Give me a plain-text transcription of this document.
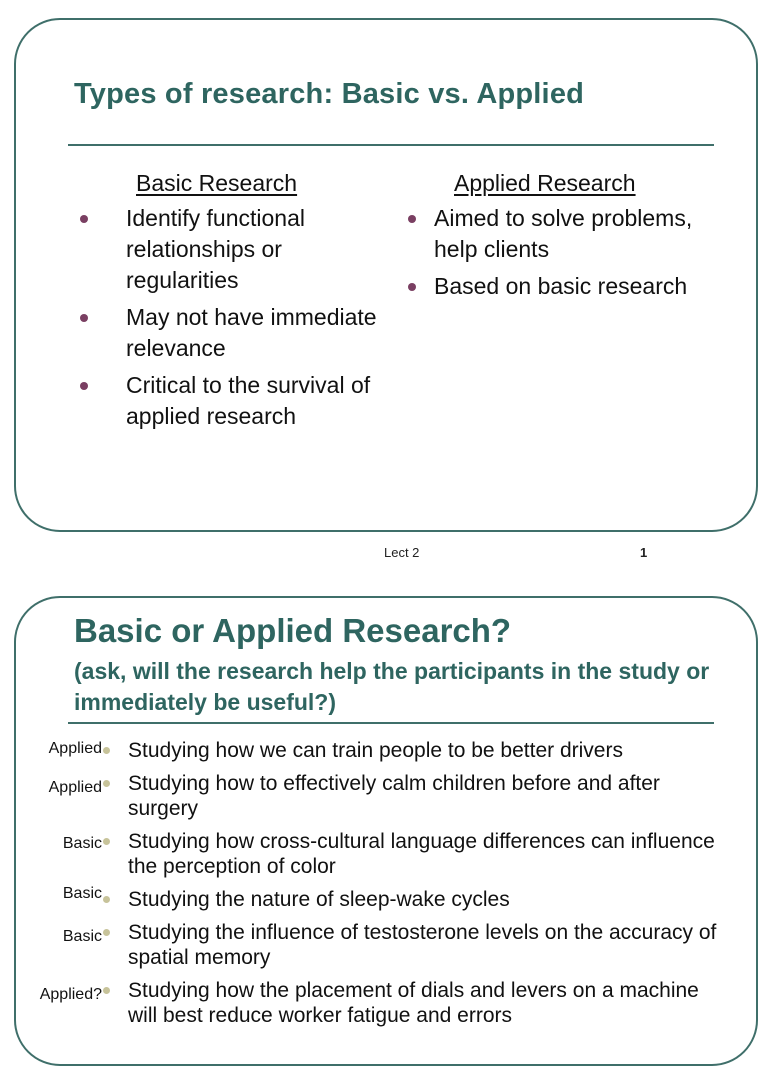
Types of research: Basic vs. Applied
Basic Research
Identify functional relationships or regularities
May not have immediate relevance
Critical to the survival of applied research
Applied Research
Aimed to solve problems, help clients
Based on basic research
Lect 2	1
Basic or Applied Research?
(ask, will the research help the participants in the study or immediately be useful?)
Applied Studying how we can train people to be better drivers
Applied Studying how to effectively calm children before and after surgery
Basic Studying how cross-cultural language differences can influence the perception of color
Basic Studying the nature of sleep-wake cycles
Basic Studying the influence of testosterone levels on the accuracy of spatial memory
Applied? Studying how the placement of dials and levers on a machine will best reduce worker fatigue and errors
